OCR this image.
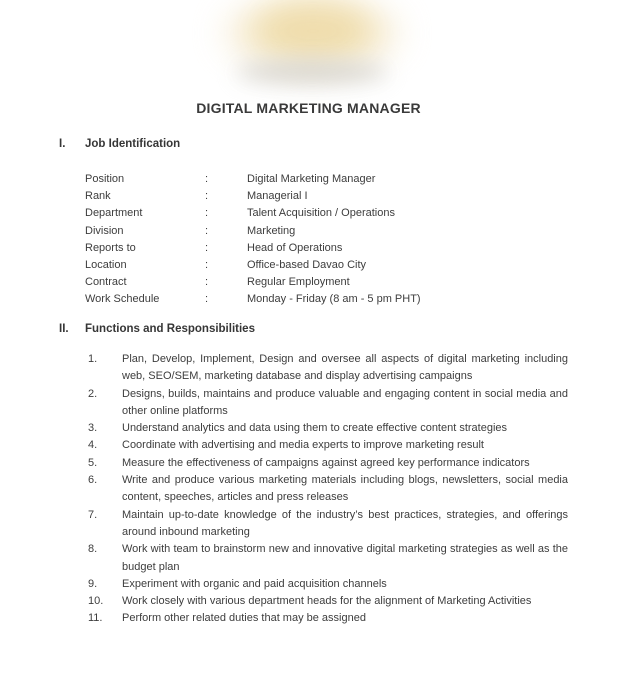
DIGITAL MARKETING MANAGER
I.	Job Identification
Position	:	Digital Marketing Manager
Rank	:	Managerial I
Department	:	Talent Acquisition / Operations
Division	:	Marketing
Reports to	:	Head of Operations
Location	:	Office-based Davao City
Contract	:	Regular Employment
Work Schedule	:	Monday - Friday (8 am - 5 pm PHT)
II.	Functions and Responsibilities
1.	Plan, Develop, Implement, Design and oversee all aspects of digital marketing including web, SEO/SEM, marketing database and display advertising campaigns
2.	Designs, builds, maintains and produce valuable and engaging content in social media and other online platforms
3.	Understand analytics and data using them to create effective content strategies
4.	Coordinate with advertising and media experts to improve marketing result
5.	Measure the effectiveness of campaigns against agreed key performance indicators
6.	Write and produce various marketing materials including blogs, newsletters, social media content, speeches, articles and press releases
7.	Maintain up-to-date knowledge of the industry’s best practices, strategies, and offerings around inbound marketing
8.	Work with team to brainstorm new and innovative digital marketing strategies as well as the budget plan
9.	Experiment with organic and paid acquisition channels
10.	Work closely with various department heads for the alignment of Marketing Activities
11.	Perform other related duties that may be assigned
